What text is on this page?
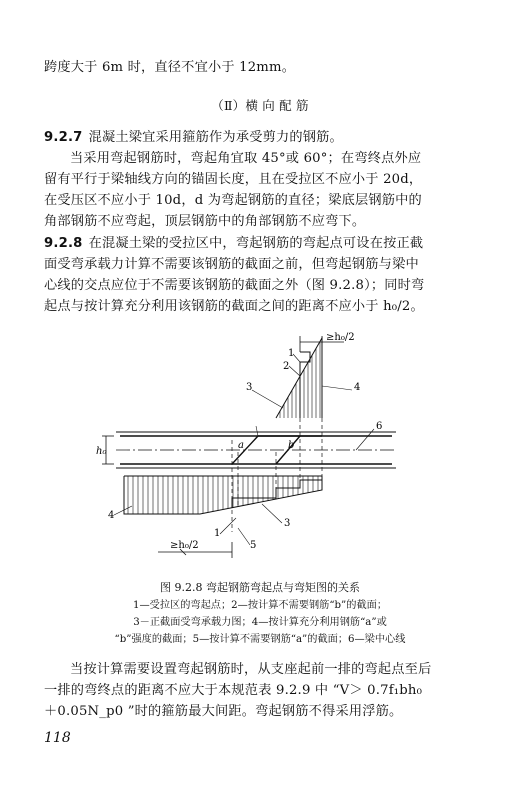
跨度大于 6m 时，直径不宜小于 12mm。
（Ⅱ）横 向 配 筋
9.2.7 混凝土梁宜采用箍筋作为承受剪力的钢筋。
当采用弯起钢筋时，弯起角宜取 45°或 60°；在弯终点外应
留有平行于梁轴线方向的锚固长度，且在受拉区不应小于 20d，
在受压区不应小于 10d，d 为弯起钢筋的直径；梁底层钢筋中的
角部钢筋不应弯起，顶层钢筋中的角部钢筋不应弯下。
9.2.8 在混凝土梁的受拉区中，弯起钢筋的弯起点可设在按正截
面受弯承载力计算不需要该钢筋的截面之前，但弯起钢筋与梁中
心线的交点应位于不需要该钢筋的截面之外（图 9.2.8）；同时弯
起点与按计算充分利用该钢筋的截面之间的距离不应小于 h₀/2。
≥h₀/2
1
2
3	4
h₀
a	b
6
4
3
1
5
≥h₀/2
图 9.2.8 弯起钢筋弯起点与弯矩图的关系
1—受拉区的弯起点；2—按计算不需要钢筋“b”的截面；
3－正截面受弯承载力图；4—按计算充分利用钢筋“a”或
“b”强度的截面；5—按计算不需要钢筋“a”的截面；6—梁中心线
当按计算需要设置弯起钢筋时，从支座起前一排的弯起点至后
一排的弯终点的距离不应大于本规范表 9.2.9 中 “V＞ 0.7f₁bh₀
＋0.05N_p0 ”时的箍筋最大间距。弯起钢筋不得采用浮筋。
118
